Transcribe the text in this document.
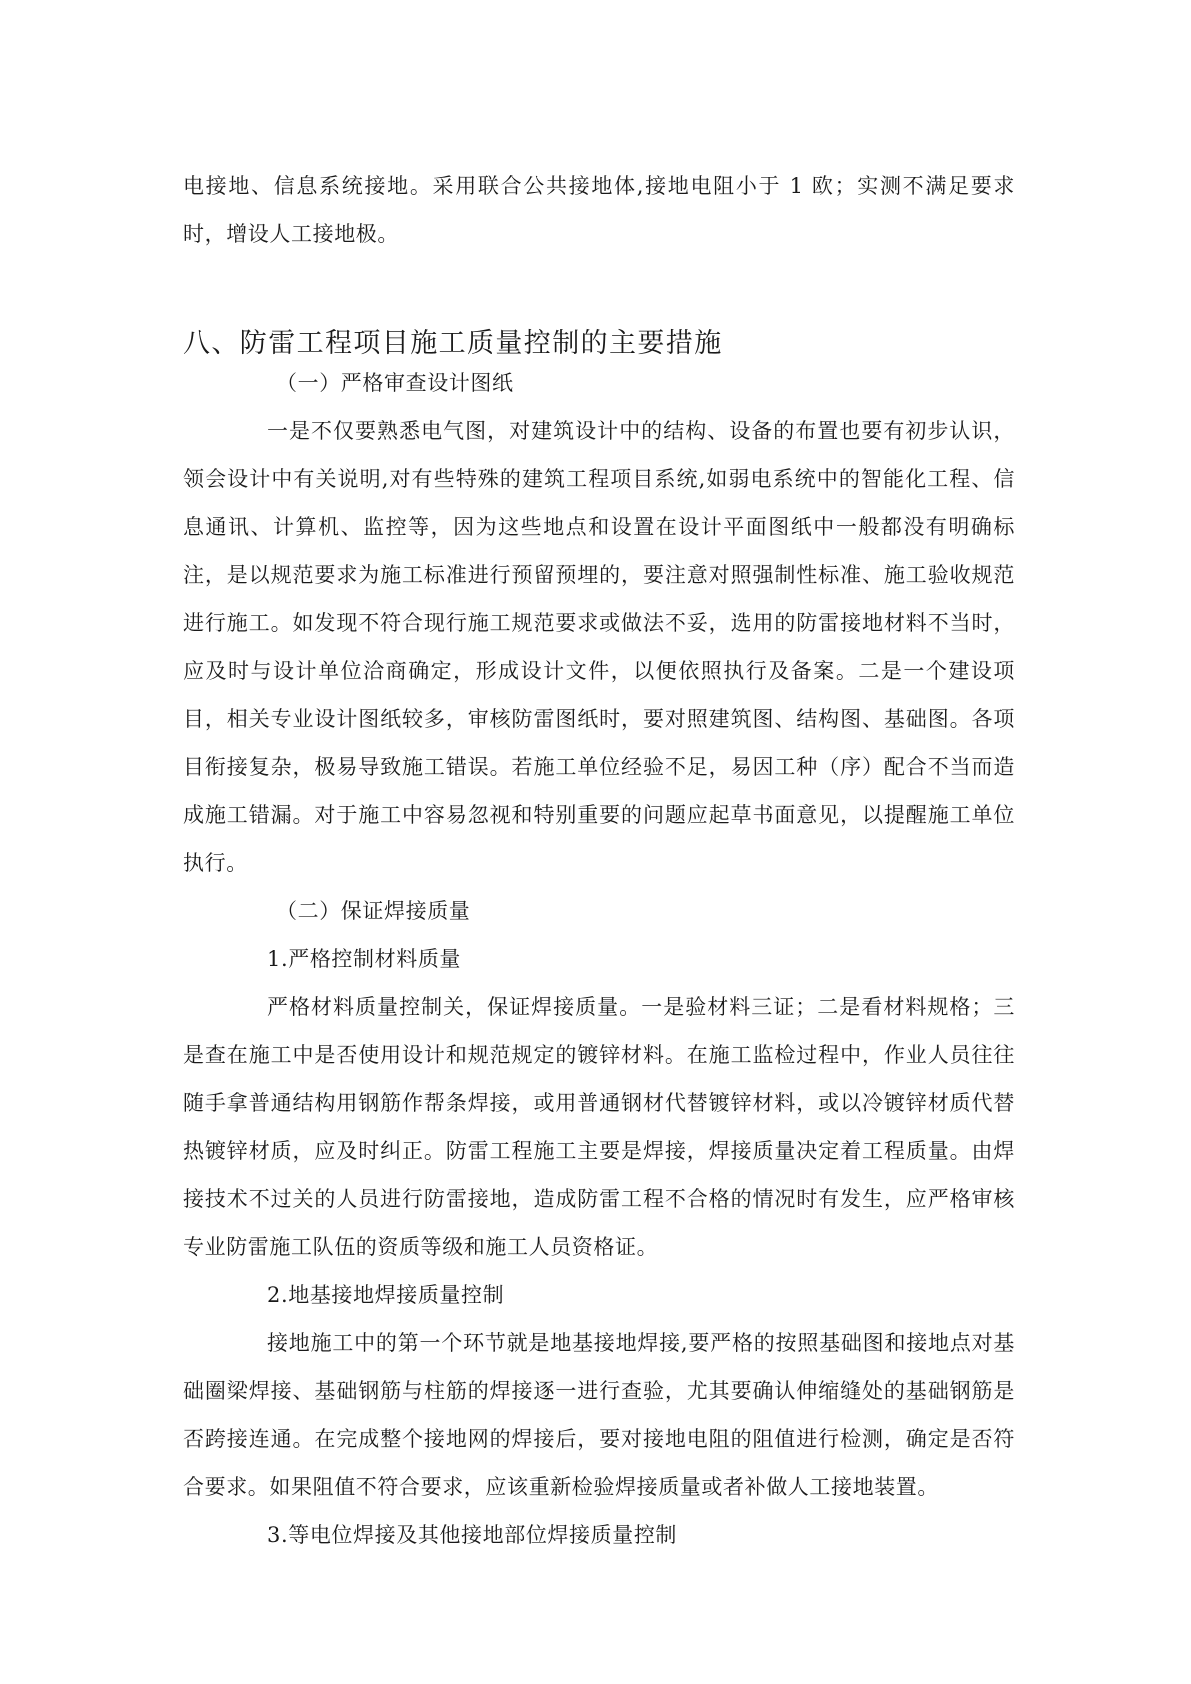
电接地、信息系统接地。采用联合公共接地体,接地电阻小于 1 欧；实测不满足要求时，增设人工接地极。

八、防雷工程项目施工质量控制的主要措施

（一）严格审查设计图纸

一是不仅要熟悉电气图，对建筑设计中的结构、设备的布置也要有初步认识，领会设计中有关说明,对有些特殊的建筑工程项目系统,如弱电系统中的智能化工程、信息通讯、计算机、监控等，因为这些地点和设置在设计平面图纸中一般都没有明确标注，是以规范要求为施工标准进行预留预埋的，要注意对照强制性标准、施工验收规范进行施工。如发现不符合现行施工规范要求或做法不妥，选用的防雷接地材料不当时，应及时与设计单位洽商确定，形成设计文件，以便依照执行及备案。二是一个建设项目，相关专业设计图纸较多，审核防雷图纸时，要对照建筑图、结构图、基础图。各项目衔接复杂，极易导致施工错误。若施工单位经验不足，易因工种（序）配合不当而造成施工错漏。对于施工中容易忽视和特别重要的问题应起草书面意见，以提醒施工单位执行。

（二）保证焊接质量

1.严格控制材料质量

严格材料质量控制关，保证焊接质量。一是验材料三证；二是看材料规格；三是查在施工中是否使用设计和规范规定的镀锌材料。在施工监检过程中，作业人员往往随手拿普通结构用钢筋作帮条焊接，或用普通钢材代替镀锌材料，或以冷镀锌材质代替热镀锌材质，应及时纠正。防雷工程施工主要是焊接，焊接质量决定着工程质量。由焊接技术不过关的人员进行防雷接地，造成防雷工程不合格的情况时有发生，应严格审核专业防雷施工队伍的资质等级和施工人员资格证。

2.地基接地焊接质量控制

接地施工中的第一个环节就是地基接地焊接,要严格的按照基础图和接地点对基础圈梁焊接、基础钢筋与柱筋的焊接逐一进行查验，尤其要确认伸缩缝处的基础钢筋是否跨接连通。在完成整个接地网的焊接后，要对接地电阻的阻值进行检测，确定是否符合要求。如果阻值不符合要求，应该重新检验焊接质量或者补做人工接地装置。

3.等电位焊接及其他接地部位焊接质量控制
